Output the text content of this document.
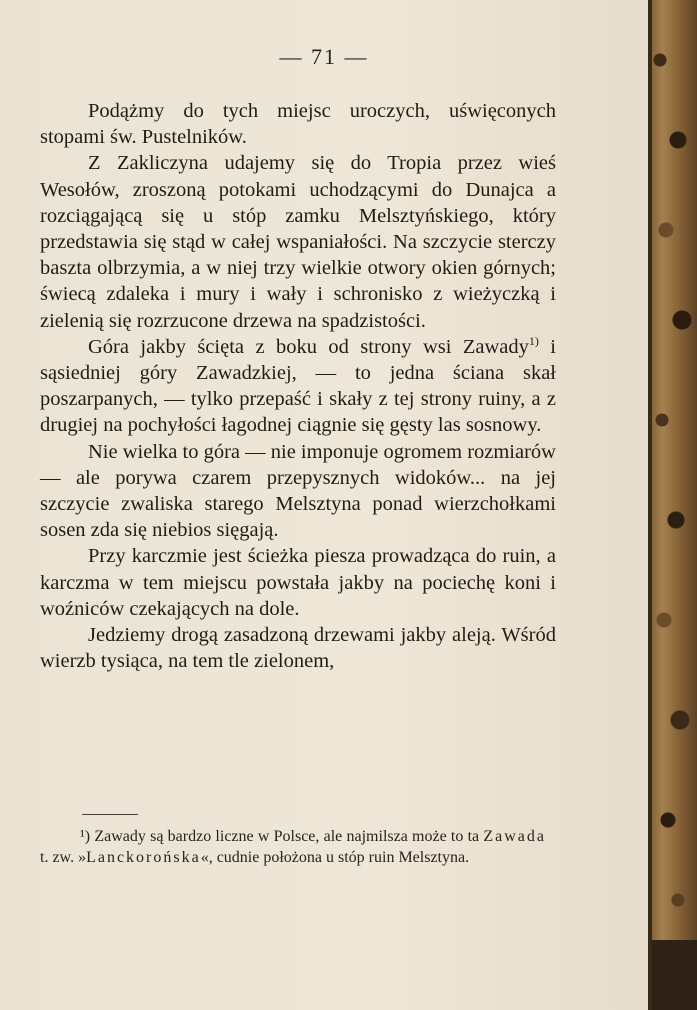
— 71 —

Podążmy do tych miejsc uroczych, uświęconych stopami św. Pustelników.

Z Zakliczyna udajemy się do Tropia przez wieś Wesołów, zroszoną potokami uchodzącymi do Dunajca a rozciągającą się u stóp zamku Melsztyńskiego, który przedstawia się stąd w całej wspaniałości. Na szczycie sterczy baszta olbrzymia, a w niej trzy wielkie otwory okien górnych; świecą zdaleka i mury i wały i schronisko z wieżyczką i zielenią się rozrzucone drzewa na spadzistości.

Góra jakby ścięta z boku od strony wsi Zawady$^{1)}$ i sąsiedniej góry Zawadzkiej, — to jedna ściana skał poszarpanych, — tylko przepaść i skały z tej strony ruiny, a z drugiej na pochyłości łagodnej ciągnie się gęsty las sosnowy.

Nie wielka to góra — nie imponuje ogromem rozmiarów — ale porywa czarem przepysznych widoków... na jej szczycie zwaliska starego Melsztyna ponad wierzchołkami sosen zda się niebios sięgają.

Przy karczmie jest ścieżka piesza prowadząca do ruin, a karczma w tem miejscu powstała jakby na pociechę koni i woźniców czekających na dole.

Jedziemy drogą zasadzoną drzewami jakby aleją. Wśród wierzb tysiąca, na tem tle zielonem,

¹) Zawady są bardzo liczne w Polsce, ale najmilsza może to ta Zawada t. zw. »Lanckorońska«, cudnie położona u stóp ruin Melsztyna.
